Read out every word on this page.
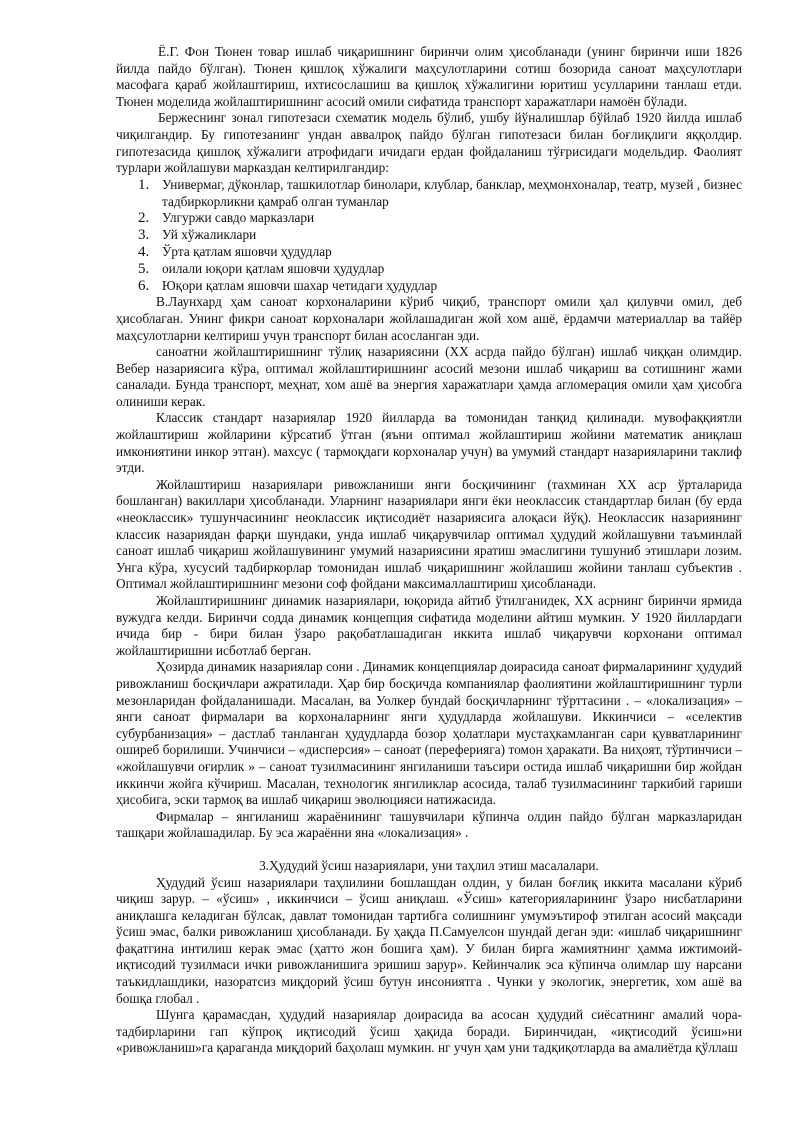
Ё.Г. Фон Тюнен товар ишлаб чиқаришнинг биринчи олим ҳисобланади (унинг биринчи иши 1826 йилда пайдо бўлган). Тюнен қишлоқ хўжалиги маҳсулотларини сотиш бозорида саноат маҳсулотлари масофага қараб жойлаштириш, ихтисослашиш ва қишлоқ хўжалигини юритиш усулларини танлаш етди. Тюнен моделида жойлаштиришнинг асосий омили сифатида транспорт харажатлари намоён бўлади.

Бержеснинг зонал гипотезаси схематик модель бўлиб, ушбу йўналишлар бўйлаб 1920 йилда ишлаб чиқилгандир. Бу гипотезанинг ундан аввалроқ пайдо бўлган гипотезаси билан боғлиқлиги яққолдир. гипотезасида қишлоқ хўжалиги атрофидаги ичидаги ердан фойдаланиш тўғрисидаги модельдир. Фаолият турлари жойлашуви марказдан келтирилгандир:

1. Универмаг, дўконлар, ташкилотлар бинолари, клублар, банклар, меҳмонхоналар, театр, музей , бизнес тадбиркорликни қамраб олган туманлар
2. Улгуржи савдо марказлари
3. Уй хўжаликлари
4. Ўрта қатлам яшовчи ҳудудлар
5. оилали юқори қатлам яшовчи ҳудудлар
6. Юқори қатлам яшовчи шахар четидаги ҳудудлар

В.Лаунхард ҳам саноат корхоналарини кўриб чиқиб, транспорт омили ҳал қилувчи омил, деб ҳисоблаган. Унинг фикри саноат корхоналари жойлашадиган жой хом ашё, ёрдамчи материаллар ва тайёр маҳсулотларни келтириш учун транспорт билан асосланган эди.

саноатни жойлаштиришнинг тўлиқ назариясини (XX асрда пайдо бўлган) ишлаб чиққан олимдир. Вебер назариясига кўра, оптимал жойлаштиришнинг асосий мезони ишлаб чиқариш ва сотишнинг жами саналади. Бунда транспорт, меҳнат, хом ашё ва энергия харажатлари ҳамда агломерация омили ҳам ҳисобга олиниши керак.

Классик стандарт назариялар 1920 йилларда ва томонидан танқид қилинади. мувофаққиятли жойлаштириш жойларини кўрсатиб ўтган (яъни оптимал жойлаштириш жойини математик аниқлаш имкониятини инкор этган). махсус ( тармоқдаги корхоналар учун) ва умумий стандарт назарияларини таклиф этди.

Жойлаштириш назариялари ривожланиши янги босқичининг (тахминан XX аср ўрталарида бошланган) вакиллари ҳисобланади. Уларнинг назариялари янги ёки неоклассик стандартлар билан (бу ерда «неоклассик» тушунчасининг неоклассик иқтисодиёт назариясига алоқаси йўқ). Неоклассик назариянинг классик назариядан фарқи шундаки, унда ишлаб чиқарувчилар оптимал ҳудудий жойлашувни таъминлай саноат ишлаб чиқариш жойлашувининг умумий назариясини яратиш эмаслигини тушуниб этишлари лозим. Унга кўра, хусусий тадбиркорлар томонидан ишлаб чиқаришнинг жойлашиш жойини танлаш субъектив . Оптимал жойлаштиришнинг мезони соф фойдани максималлаштириш ҳисобланади.

Жойлаштиришнинг динамик назариялари, юқорида айтиб ўтилганидек, XX асрнинг биринчи ярмида вужудга келди. Биринчи содда динамик концепция сифатида моделини айтиш мумкин. У 1920 йиллардаги ичида бир - бири билан ўзаро рақобатлашадиган иккита ишлаб чиқарувчи корхонани оптимал жойлаштиришни исботлаб берган.

Ҳозирда динамик назариялар сони . Динамик концепциялар доирасида саноат фирмаларининг ҳудудий ривожланиш босқичлари ажратилади. Ҳар бир босқичда компаниялар фаолиятини жойлаштиришнинг турли мезонларидан фойдаланишади. Масалан, ва Уолкер бундай босқичларнинг тўрттасини . – «локализация» – янги саноат фирмалари ва корхоналарнинг янги ҳудудларда жойлашуви. Иккинчиси – «селектив субурбанизация» – дастлаб танланган ҳудудларда бозор ҳолатлари мустаҳкамланган сари қувватларининг оширеб борилиши. Учинчиси – «дисперсия» – саноат (переферияга) томон ҳаракати. Ва ниҳоят, тўртинчиси – «жойлашувчи оғирлик » – саноат тузилмасининг янгиланиши таъсири остида ишлаб чиқаришни бир жойдан иккинчи жойга кўчириш. Масалан, технологик янгиликлар асосида, талаб тузилмасининг таркибий гариши ҳисобига, эски тармоқ ва ишлаб чиқариш эволюцияси натижасида.

Фирмалар – янгиланиш жараёнининг ташувчилари кўпинча олдин пайдо бўлган марказларидан ташқари жойлашадилар. Бу эса жараённи яна «локализация» .

3.Ҳудудий ўсиш назариялари, уни таҳлил этиш масалалари.

Ҳудудий ўсиш назариялари таҳлилини бошлашдан олдин, у билан боғлиқ иккита масалани кўриб чиқиш зарур. – «ўсиш» , иккинчиси – ўсиш аниқлаш. «Ўсиш» категорияларининг ўзаро нисбатларини аниқлашга келадиган бўлсак, давлат томонидан тартибга солишнинг умумэътироф этилган асосий мақсади ўсиш эмас, балки ривожланиш ҳисобланади. Бу ҳақда П.Самуелсон шундай деган эди: «ишлаб чиқаришнинг фақатгина интилиш керак эмас (ҳатто жон бошига ҳам). У билан бирга жамиятнинг ҳамма ижтимоий-иқтисодий тузилмаси ички ривожланишига эришиш зарур». Кейинчалик эса кўпинча олимлар шу нарсани таъкидлашдики, назоратсиз миқдорий ўсиш бутун инсониятга . Чунки у экологик, энергетик, хом ашё ва бошқа глобал .

Шунга қарамасдан, ҳудудий назариялар доирасида ва асосан ҳудудий сиёсатнинг амалий чора-тадбирларини гап кўпроқ иқтисодий ўсиш ҳақида боради. Биринчидан, «иқтисодий ўсиш»ни «ривожланиш»га қараганда миқдорий баҳолаш мумкин. нг учун ҳам уни тадқиқотларда ва амалиётда қўллаш
